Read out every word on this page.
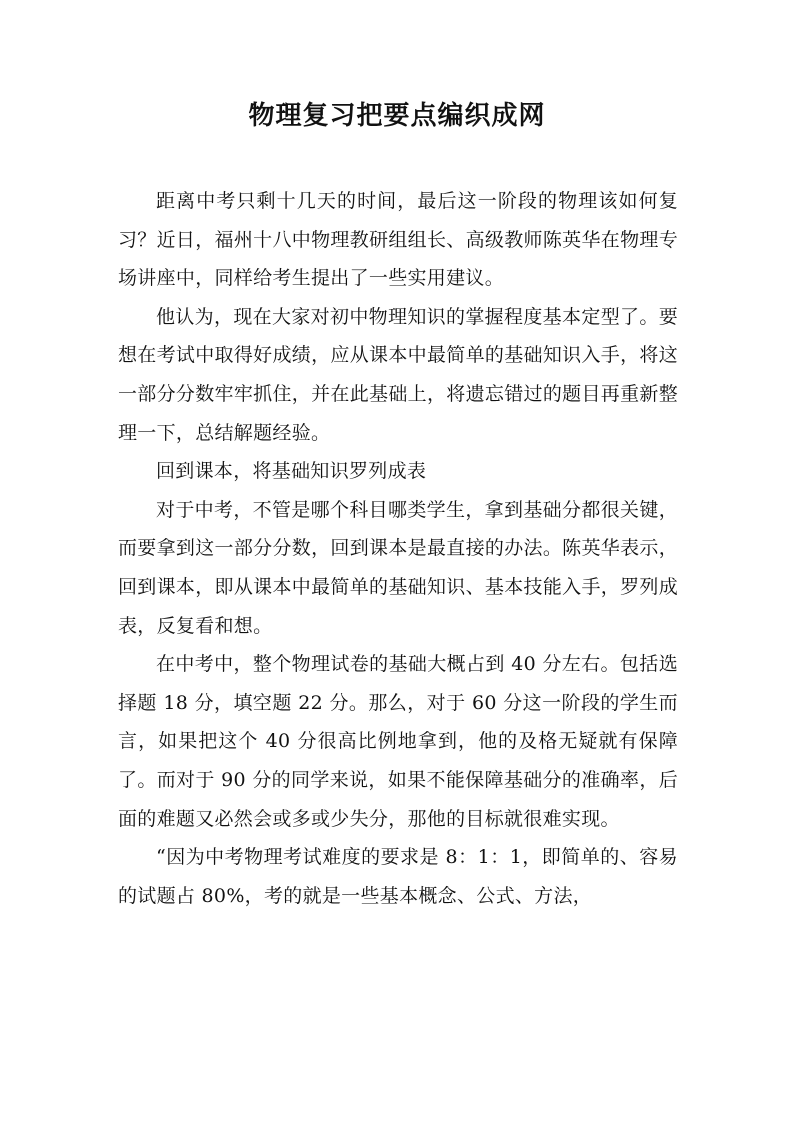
物理复习把要点编织成网

距离中考只剩十几天的时间，最后这一阶段的物理该如何复习？近日，福州十八中物理教研组组长、高级教师陈英华在物理专场讲座中，同样给考生提出了一些实用建议。

他认为，现在大家对初中物理知识的掌握程度基本定型了。要想在考试中取得好成绩，应从课本中最简单的基础知识入手，将这一部分分数牢牢抓住，并在此基础上，将遗忘错过的题目再重新整理一下，总结解题经验。

回到课本，将基础知识罗列成表

对于中考，不管是哪个科目哪类学生，拿到基础分都很关键，而要拿到这一部分分数，回到课本是最直接的办法。陈英华表示，回到课本，即从课本中最简单的基础知识、基本技能入手，罗列成表，反复看和想。

在中考中，整个物理试卷的基础大概占到 40 分左右。包括选择题 18 分，填空题 22 分。那么，对于 60 分这一阶段的学生而言，如果把这个 40 分很高比例地拿到，他的及格无疑就有保障了。而对于 90 分的同学来说，如果不能保障基础分的准确率，后面的难题又必然会或多或少失分，那他的目标就很难实现。

“因为中考物理考试难度的要求是 8：1：1，即简单的、容易的试题占 80%，考的就是一些基本概念、公式、方法，
